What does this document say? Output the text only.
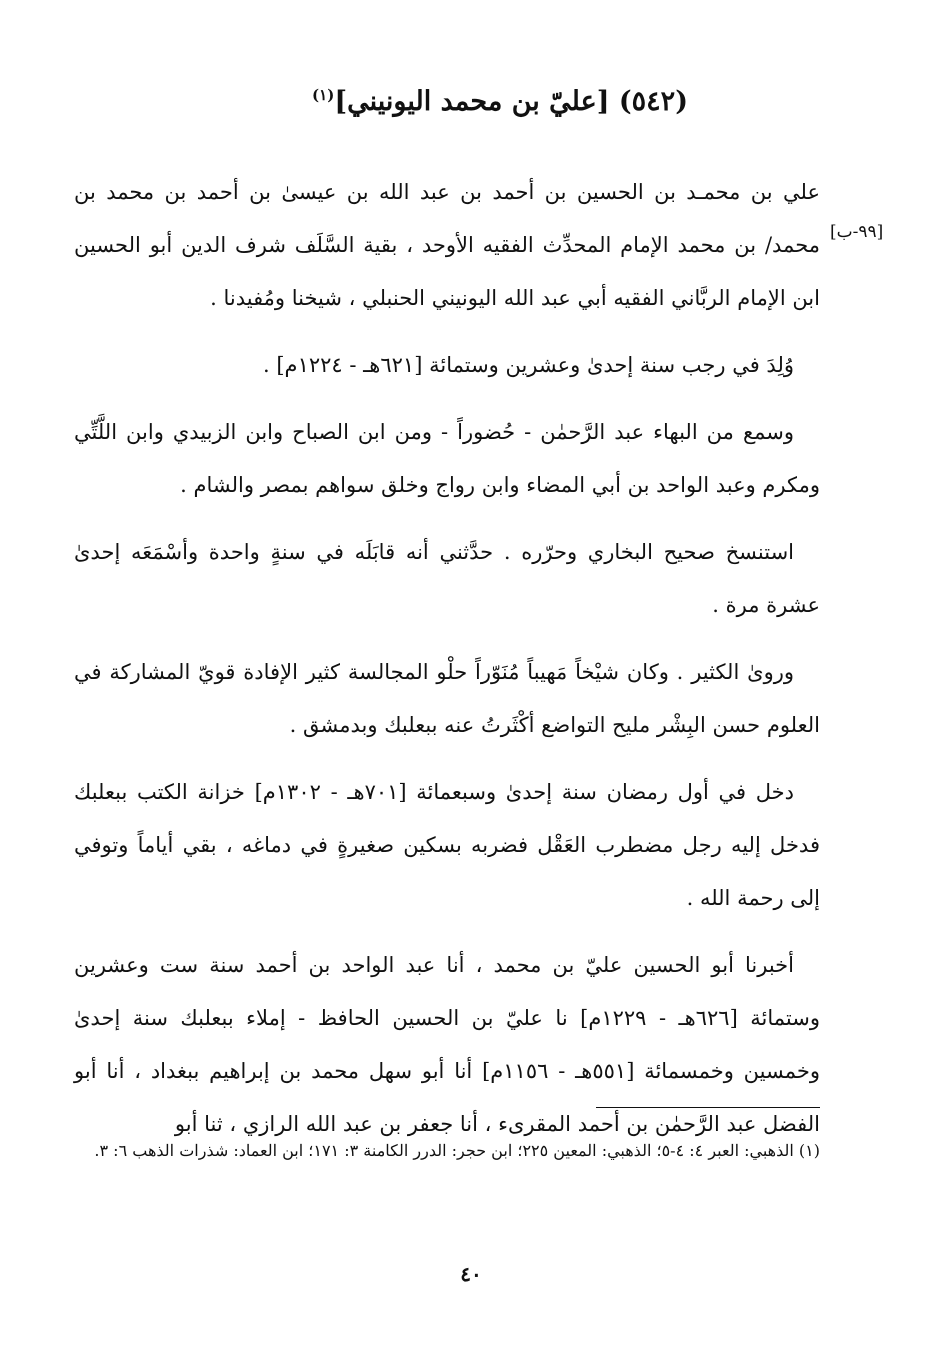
(٥٤٢) [عليّ بن محمد اليونيني]$^{(١)}$
[٩٩-ب]

علي بن محمـد بن الحسين بن أحمد بن عبد الله بن عيسىٰ بن أحمد بن محمد بن محمد/ بن محمد الإمام المحدِّث الفقيه الأوحد ، بقية السَّلَف شرف الدين أبو الحسين ابن الإمام الربَّاني الفقيه أبي عبد الله اليونيني الحنبلي ، شيخنا ومُفيدنا .

وُلِدَ في رجب سنة إحدىٰ وعشرين وستمائة [٦٢١هـ - ١٢٢٤م] .

وسمع من البهاء عبد الرَّحمٰن - حُضوراً - ومن ابن الصباح وابن الزبيدي وابن اللَّتِّي ومكرم وعبد الواحد بن أبي المضاء وابن رواج وخلق سواهم بمصر والشام .

استنسخ صحيح البخاري وحرّره . حدَّثني أنه قابَلَه في سنةٍ واحدة وأسْمَعَه إحدىٰ عشرة مرة .

وروىٰ الكثير . وكان شيْخاً مَهيباً مُنَوّراً حلْو المجالسة كثير الإفادة قويّ المشاركة في العلوم حسن البِشْر مليح التواضع أكْثَرتُ عنه ببعلبك وبدمشق .

دخل في أول رمضان سنة إحدىٰ وسبعمائة [٧٠١هـ - ١٣٠٢م] خزانة الكتب ببعلبك فدخل إليه رجل مضطرب العَقْل فضربه بسكين صغيرةٍ في دماغه ، بقي أياماً وتوفي إلى رحمة الله .

أخبرنا أبو الحسين عليّ بن محمد ، أنا عبد الواحد بن أحمد سنة ست وعشرين وستمائة [٦٢٦هـ - ١٢٢٩م] نا عليّ بن الحسين الحافظ - إملاء ببعلبك سنة إحدىٰ وخمسين وخمسمائة [٥٥١هـ - ١١٥٦م] أنا أبو سهل محمد بن إبراهيم ببغداد ، أنا أبو الفضل عبد الرَّحمٰن بن أحمد المقرىء ، أنا جعفر بن عبد الله الرازي ، ثنا أبو

(١) الذهبي: العبر ٤: ٤-٥؛ الذهبي: المعين ٢٢٥؛ ابن حجر: الدرر الكامنة ٣: ١٧١؛ ابن العماد: شذرات الذهب ٦: ٣.
٤٠
